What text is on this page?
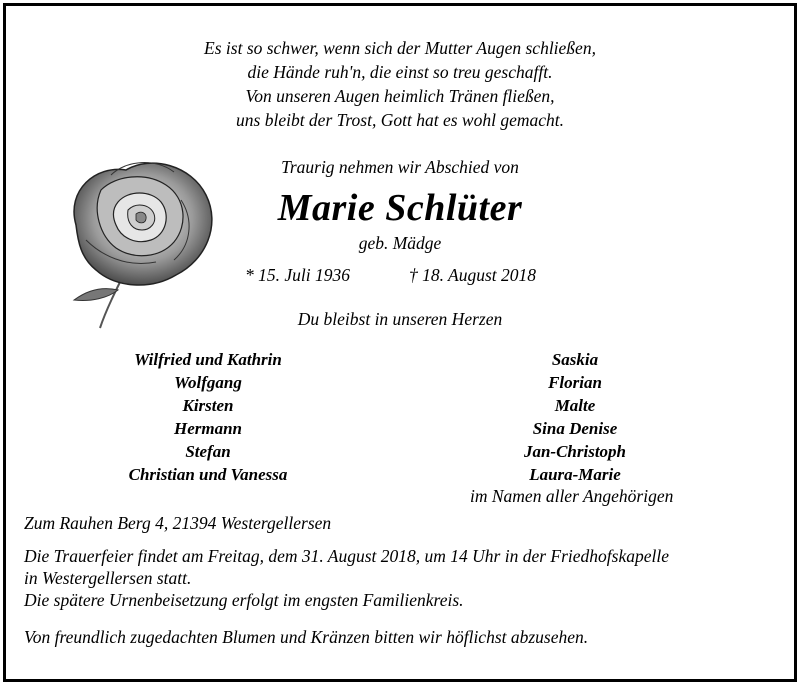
Es ist so schwer, wenn sich der Mutter Augen schließen,
die Hände ruh'n, die einst so treu geschafft.
Von unseren Augen heimlich Tränen fließen,
uns bleibt der Trost, Gott hat es wohl gemacht.
Traurig nehmen wir Abschied von
Marie Schlüter
geb. Mädge
* 15. Juli 1936	† 18. August 2018
Du bleibst in unseren Herzen
Wilfried und Kathrin
Wolfgang
Kirsten
Hermann
Stefan
Christian und Vanessa
Saskia
Florian
Malte
Sina Denise
Jan-Christoph
Laura-Marie
im Namen aller Angehörigen
Zum Rauhen Berg 4, 21394 Westergellersen
Die Trauerfeier findet am Freitag, dem 31. August 2018, um 14 Uhr in der Friedhofskapelle
in Westergellersen statt.
Die spätere Urnenbeisetzung erfolgt im engsten Familienkreis.
Von freundlich zugedachten Blumen und Kränzen bitten wir höflichst abzusehen.
